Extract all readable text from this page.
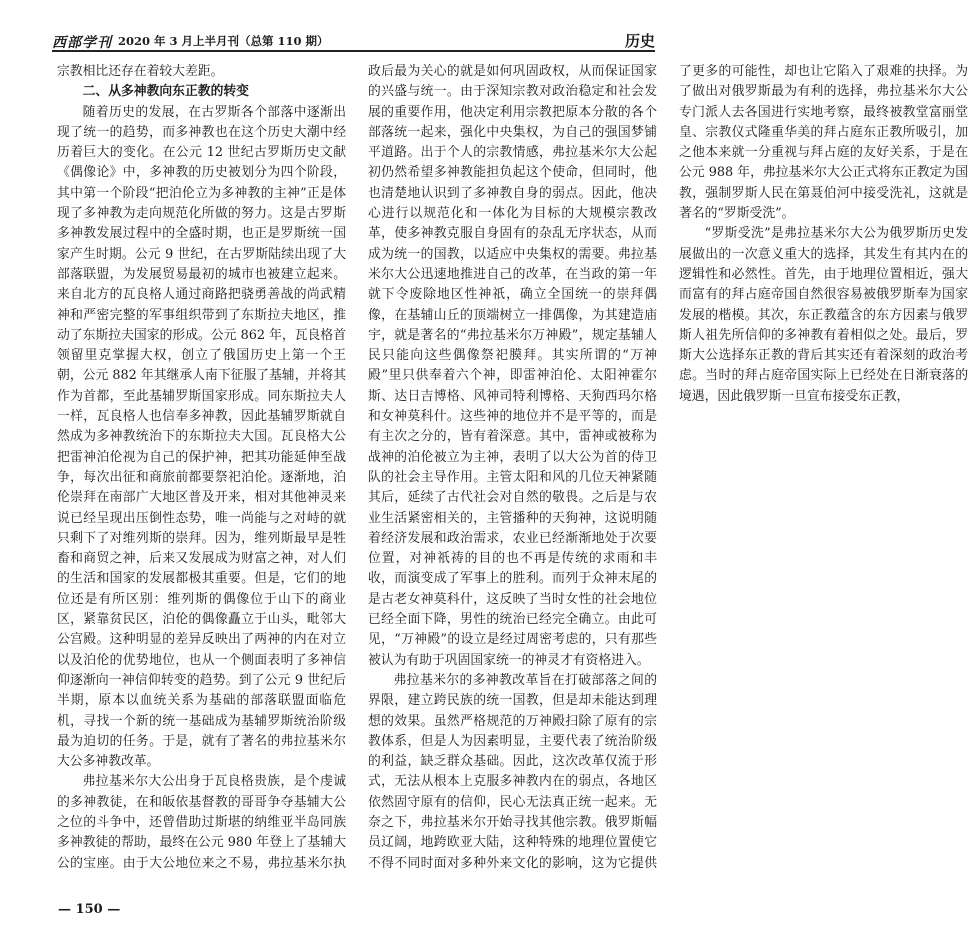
西部学刊 2020 年 3 月上半月刊（总第 110 期）	历史

宗教相比还存在着较大差距。

二、从多神教向东正教的转变

随着历史的发展，在古罗斯各个部落中逐渐出现了统一的趋势，而多神教也在这个历史大潮中经历着巨大的变化。在公元 12 世纪古罗斯历史文献《偶像论》中，多神教的历史被划分为四个阶段，其中第一个阶段“把泊伦立为多神教的主神”正是体现了多神教为走向规范化所做的努力。这是古罗斯多神教发展过程中的全盛时期，也正是罗斯统一国家产生时期。公元 9 世纪，在古罗斯陆续出现了大部落联盟，为发展贸易最初的城市也被建立起来。来自北方的瓦良格人通过商路把骁勇善战的尚武精神和严密完整的军事组织带到了东斯拉夫地区，推动了东斯拉夫国家的形成。公元 862 年，瓦良格首领留里克掌握大权，创立了俄国历史上第一个王朝，公元 882 年其继承人南下征服了基辅，并将其作为首都，至此基辅罗斯国家形成。同东斯拉夫人一样，瓦良格人也信奉多神教，因此基辅罗斯就自然成为多神教统治下的东斯拉夫大国。瓦良格大公把雷神泊伦视为自己的保护神，把其功能延伸至战争，每次出征和商旅前都要祭祀泊伦。逐渐地，泊伦崇拜在南部广大地区普及开来，相对其他神灵来说已经呈现出压倒性态势，唯一尚能与之对峙的就只剩下了对维列斯的崇拜。因为，维列斯最早是牲畜和商贸之神，后来又发展成为财富之神，对人们的生活和国家的发展都极其重要。但是，它们的地位还是有所区别：维列斯的偶像位于山下的商业区，紧靠贫民区，泊伦的偶像矗立于山头，毗邻大公宫殿。这种明显的差异反映出了两神的内在对立以及泊伦的优势地位，也从一个侧面表明了多神信仰逐渐向一神信仰转变的趋势。到了公元 9 世纪后半期，原本以血统关系为基础的部落联盟面临危机，寻找一个新的统一基础成为基辅罗斯统治阶级最为迫切的任务。于是，就有了著名的弗拉基米尔大公多神教改革。

弗拉基米尔大公出身于瓦良格贵族，是个虔诚的多神教徒，在和皈依基督教的哥哥争夺基辅大公之位的斗争中，还曾借助过斯堪的纳维亚半岛同族多神教徒的帮助，最终在公元 980 年登上了基辅大公的宝座。由于大公地位来之不易，弗拉基米尔执政后最为关心的就是如何巩固政权，从而保证国家的兴盛与统一。由于深知宗教对政治稳定和社会发展的重要作用，他决定利用宗教把原本分散的各个部落统一起来，强化中央集权，为自己的强国梦铺平道路。出于个人的宗教情感，弗拉基米尔大公起初仍然希望多神教能担负起这个使命，但同时，他也清楚地认识到了多神教自身的弱点。因此，他决心进行以规范化和一体化为目标的大规模宗教改革，使多神教克服自身固有的杂乱无序状态，从而成为统一的国教，以适应中央集权的需要。弗拉基米尔大公迅速地推进自己的改革，在当政的第一年就下令废除地区性神祇，确立全国统一的崇拜偶像，在基辅山丘的顶端树立一排偶像，为其建造庙宇，就是著名的“弗拉基米尔万神殿”，规定基辅人民只能向这些偶像祭祀膜拜。其实所谓的“万神殿”里只供奉着六个神，即雷神泊伦、太阳神霍尔斯、达日吉博格、风神司特利博格、天狗西玛尔格和女神莫科什。这些神的地位并不是平等的，而是有主次之分的，皆有着深意。其中，雷神或被称为战神的泊伦被立为主神，表明了以大公为首的侍卫队的社会主导作用。主管太阳和风的几位天神紧随其后，延续了古代社会对自然的敬畏。之后是与农业生活紧密相关的，主管播种的天狗神，这说明随着经济发展和政治需求，农业已经渐渐地处于次要位置，对神祇祷的目的也不再是传统的求雨和丰收，而演变成了军事上的胜利。而列于众神末尾的是古老女神莫科什，这反映了当时女性的社会地位已经全面下降，男性的统治已经完全确立。由此可见，“万神殿”的设立是经过周密考虑的，只有那些被认为有助于巩固国家统一的神灵才有资格进入。

弗拉基米尔的多神教改革旨在打破部落之间的界限，建立跨民族的统一国教，但是却未能达到理想的效果。虽然严格规范的万神殿扫除了原有的宗教体系，但是人为因素明显，主要代表了统治阶级的利益，缺乏群众基础。因此，这次改革仅流于形式，无法从根本上克服多神教内在的弱点，各地区依然固守原有的信仰，民心无法真正统一起来。无奈之下，弗拉基米尔开始寻找其他宗教。俄罗斯幅员辽阔，地跨欧亚大陆，这种特殊的地理位置使它不得不同时面对多种外来文化的影响，这为它提供了更多的可能性，却也让它陷入了艰难的抉择。为了做出对俄罗斯最为有利的选择，弗拉基米尔大公专门派人去各国进行实地考察，最终被教堂富丽堂皇、宗教仪式隆重华美的拜占庭东正教所吸引，加之他本来就一分重视与拜占庭的友好关系，于是在公元 988 年，弗拉基米尔大公正式将东正教定为国教，强制罗斯人民在第聂伯河中接受洗礼，这就是著名的“罗斯受洗”。

“罗斯受洗”是弗拉基米尔大公为俄罗斯历史发展做出的一次意义重大的选择，其发生有其内在的逻辑性和必然性。首先，由于地理位置相近，强大而富有的拜占庭帝国自然很容易被俄罗斯奉为国家发展的楷模。其次，东正教蕴含的东方因素与俄罗斯人祖先所信仰的多神教有着相似之处。最后，罗斯大公选择东正教的背后其实还有着深刻的政治考虑。当时的拜占庭帝国实际上已经处在日渐衰落的境遇，因此俄罗斯一旦宣布接受东正教，

— 150 —
